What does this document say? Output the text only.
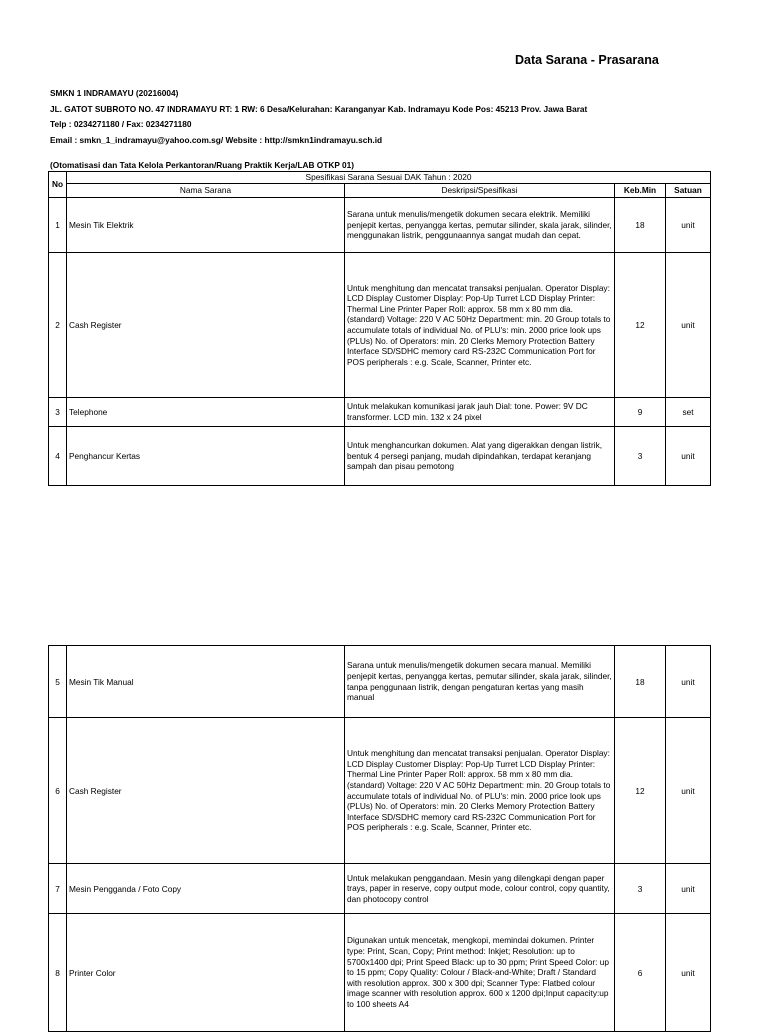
Data Sarana - Prasarana
SMKN 1 INDRAMAYU (20216004)
JL. GATOT SUBROTO NO. 47 INDRAMAYU RT: 1 RW: 6 Desa/Kelurahan: Karanganyar Kab. Indramayu Kode Pos: 45213 Prov. Jawa Barat
Telp : 0234271180 / Fax: 0234271180
Email : smkn_1_indramayu@yahoo.com.sg/ Website : http://smkn1indramayu.sch.id
(Otomatisasi dan Tata Kelola Perkantoran/Ruang Praktik Kerja/LAB OTKP 01)
No	Spesifikasi Sarana Sesuai DAK Tahun : 2020			
	Nama Sarana	Deskripsi/Spesifikasi	Keb.Min	Satuan
1	Mesin Tik Elektrik	Sarana untuk menulis/mengetik dokumen secara elektrik. Memiliki penjepit kertas, penyangga kertas, pemutar silinder, skala jarak, silinder, menggunakan listrik, penggunaannya sangat mudah dan cepat.	18	unit
2	Cash Register	Untuk menghitung dan mencatat transaksi penjualan. Operator Display: LCD Display Customer Display: Pop-Up Turret LCD Display Printer: Thermal Line Printer Paper Roll: approx. 58 mm x 80 mm dia. (standard) Voltage: 220 V AC 50Hz Department: min. 20 Group totals to accumulate totals of individual No. of PLU's: min. 2000 price look ups (PLUs) No. of Operators: min. 20 Clerks Memory Protection Battery Interface SD/SDHC memory card RS-232C Communication Port for POS peripherals : e.g. Scale, Scanner, Printer etc.	12	unit
3	Telephone	Untuk melakukan komunikasi jarak jauh Dial: tone. Power: 9V DC transformer. LCD min. 132 x 24 pixel	9	set
4	Penghancur Kertas	Untuk menghancurkan dokumen. Alat yang digerakkan dengan listrik, bentuk 4 persegi panjang, mudah dipindahkan, terdapat keranjang sampah dan pisau pemotong	3	unit
5	Mesin Tik Manual	Sarana untuk menulis/mengetik dokumen secara manual. Memiliki penjepit kertas, penyangga kertas, pemutar silinder, skala jarak, silinder, tanpa penggunaan listrik, dengan pengaturan kertas yang masih manual	18	unit
6	Cash Register	Untuk menghitung dan mencatat transaksi penjualan. Operator Display: LCD Display Customer Display: Pop-Up Turret LCD Display Printer: Thermal Line Printer Paper Roll: approx. 58 mm x 80 mm dia. (standard) Voltage: 220 V AC 50Hz Department: min. 20 Group totals to accumulate totals of individual No. of PLU's: min. 2000 price look ups (PLUs) No. of Operators: min. 20 Clerks Memory Protection Battery Interface SD/SDHC memory card RS-232C Communication Port for POS peripherals : e.g. Scale, Scanner, Printer etc.	12	unit
7	Mesin Pengganda / Foto Copy	Untuk melakukan penggandaan. Mesin yang dilengkapi dengan paper trays, paper in reserve, copy output mode, colour control, copy quantity, dan photocopy control	3	unit
8	Printer Color	Digunakan untuk mencetak, mengkopi, memindai dokumen. Printer type: Print, Scan, Copy; Print method: Inkjet; Resolution: up to 5700x1400 dpi; Print Speed Black: up to 30 ppm; Print Speed Color: up to 15 ppm; Copy Quality: Colour / Black-and-White; Draft / Standard with resolution approx. 300 x 300 dpi; Scanner Type: Flatbed colour image scanner with resolution approx. 600 x 1200 dpi;Input capacity:up to 100 sheets A4	6	unit
